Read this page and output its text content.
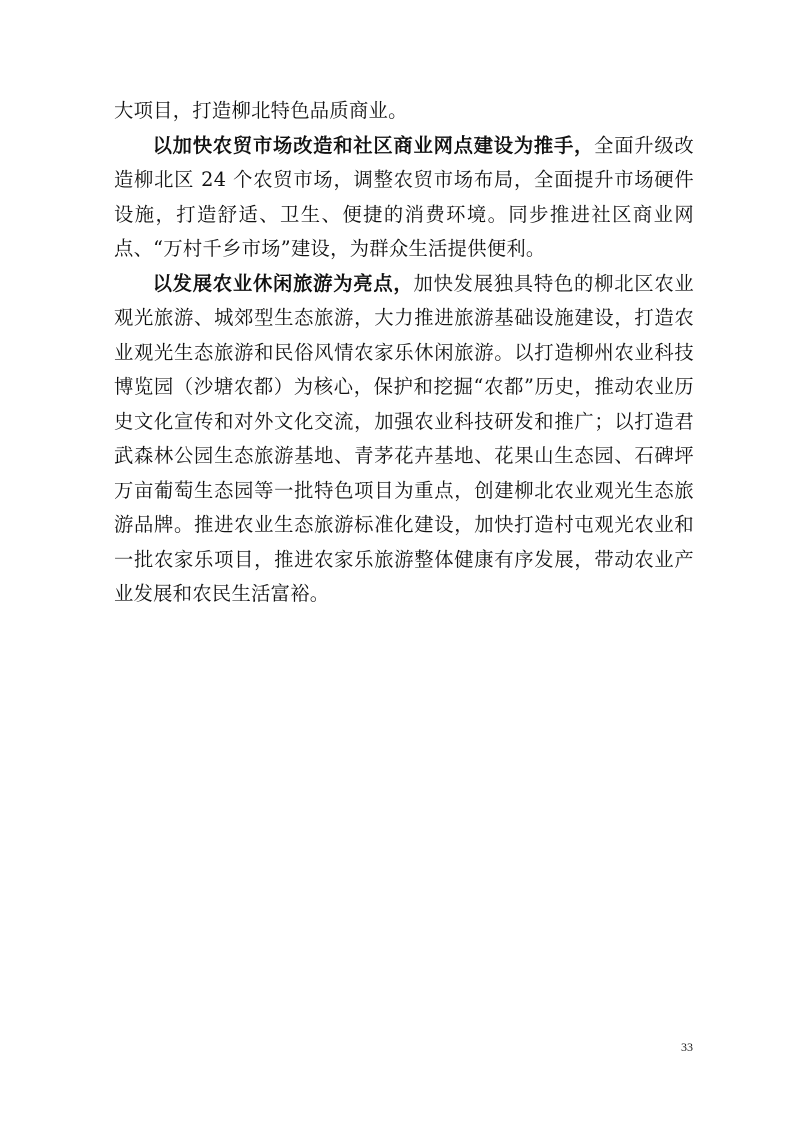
大项目，打造柳北特色品质商业。

以加快农贸市场改造和社区商业网点建设为推手，全面升级改造柳北区 24 个农贸市场，调整农贸市场布局，全面提升市场硬件设施，打造舒适、卫生、便捷的消费环境。同步推进社区商业网点、“万村千乡市场”建设，为群众生活提供便利。

以发展农业休闲旅游为亮点，加快发展独具特色的柳北区农业观光旅游、城郊型生态旅游，大力推进旅游基础设施建设，打造农业观光生态旅游和民俗风情农家乐休闲旅游。以打造柳州农业科技博览园（沙塘农都）为核心，保护和挖掘“农都”历史，推动农业历史文化宣传和对外文化交流，加强农业科技研发和推广；以打造君武森林公园生态旅游基地、青茅花卉基地、花果山生态园、石碑坪万亩葡萄生态园等一批特色项目为重点，创建柳北农业观光生态旅游品牌。推进农业生态旅游标准化建设，加快打造村屯观光农业和一批农家乐项目，推进农家乐旅游整体健康有序发展，带动农业产业发展和农民生活富裕。

33
